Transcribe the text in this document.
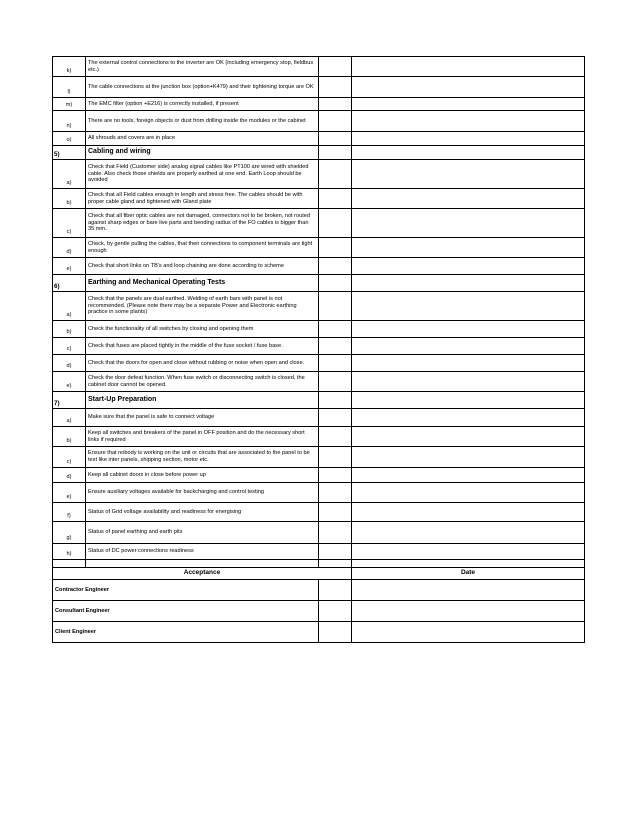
k)	The external control connections to the inverter are OK (including emergency stop, fieldbus etc.)		
l)	The cable connections at the junction box (option+K479) and their tightening torque are OK		
m)	The EMC filter (option +E216) is correctly installed, if present		
n)	There are no tools, foreign objects or dust from drilling inside the modules or the cabinet		
o)	All shrouds and covers are in place		
5)	Cabling and wiring		
a)	Check that Field (Customer side) analog signal cables like PT100 are wired with shielded cable. Also check those shields are properly earthed at one end. Earth Loop should be avoided		
b)	Check that all Field cables enough in length and stress free. The cables should be with proper cable gland and tightened with Gland plate		
c)	Check that all fiber optic cables are not damaged, connectors not to be broken, not routed against sharp edges or bare live parts and bending radius of the FO cables is bigger than 35 mm.		
d)	Check, by gentle pulling the cables, that their connections to component terminals are tight enough		
e)	Check that short links on TB's and loop chaining are done according to scheme		
6)	Earthing and Mechanical Operating Tests		
a)	Check that the panels are dual earthed. Welding of earth bars with panel is not recommended. (Please note there may be a separate Power and Electronic earthing practice in some plants)		
b)	Check the functionality of all switches by closing and opening them		
c)	Check that fuses are placed tightly in the middle of the fuse socket / fuse base.		
d)	Check that the doors for open and close without rubbing or noise when open and close.		
e)	Check the door defeat function. When fuse switch or disconnecting switch is closed, the cabinet door cannot be opened.		
7)	Start-Up Preparation		
a)	Make sure that the panel is safe to connect voltage		
b)	Keep all switches and breakers of the panel in OFF position and do the necessary short links if required		
c)	Ensure that nobody is working on the unit or circuits that are associated to the panel to be test like inter panels, shipping section, motor etc.		
d)	Keep all cabinet doors in close before power up		
e)	Ensure auxiliary voltages available for backcharging and control testing		
f)	Status of Grid voltage availability and readiness for energising		
g)	Status of panel earthing and earth pits		
h)	Status of DC power connections readiness		

Acceptance			Date
Contractor Engineer			
Consultant Engineer			
Client Engineer			
